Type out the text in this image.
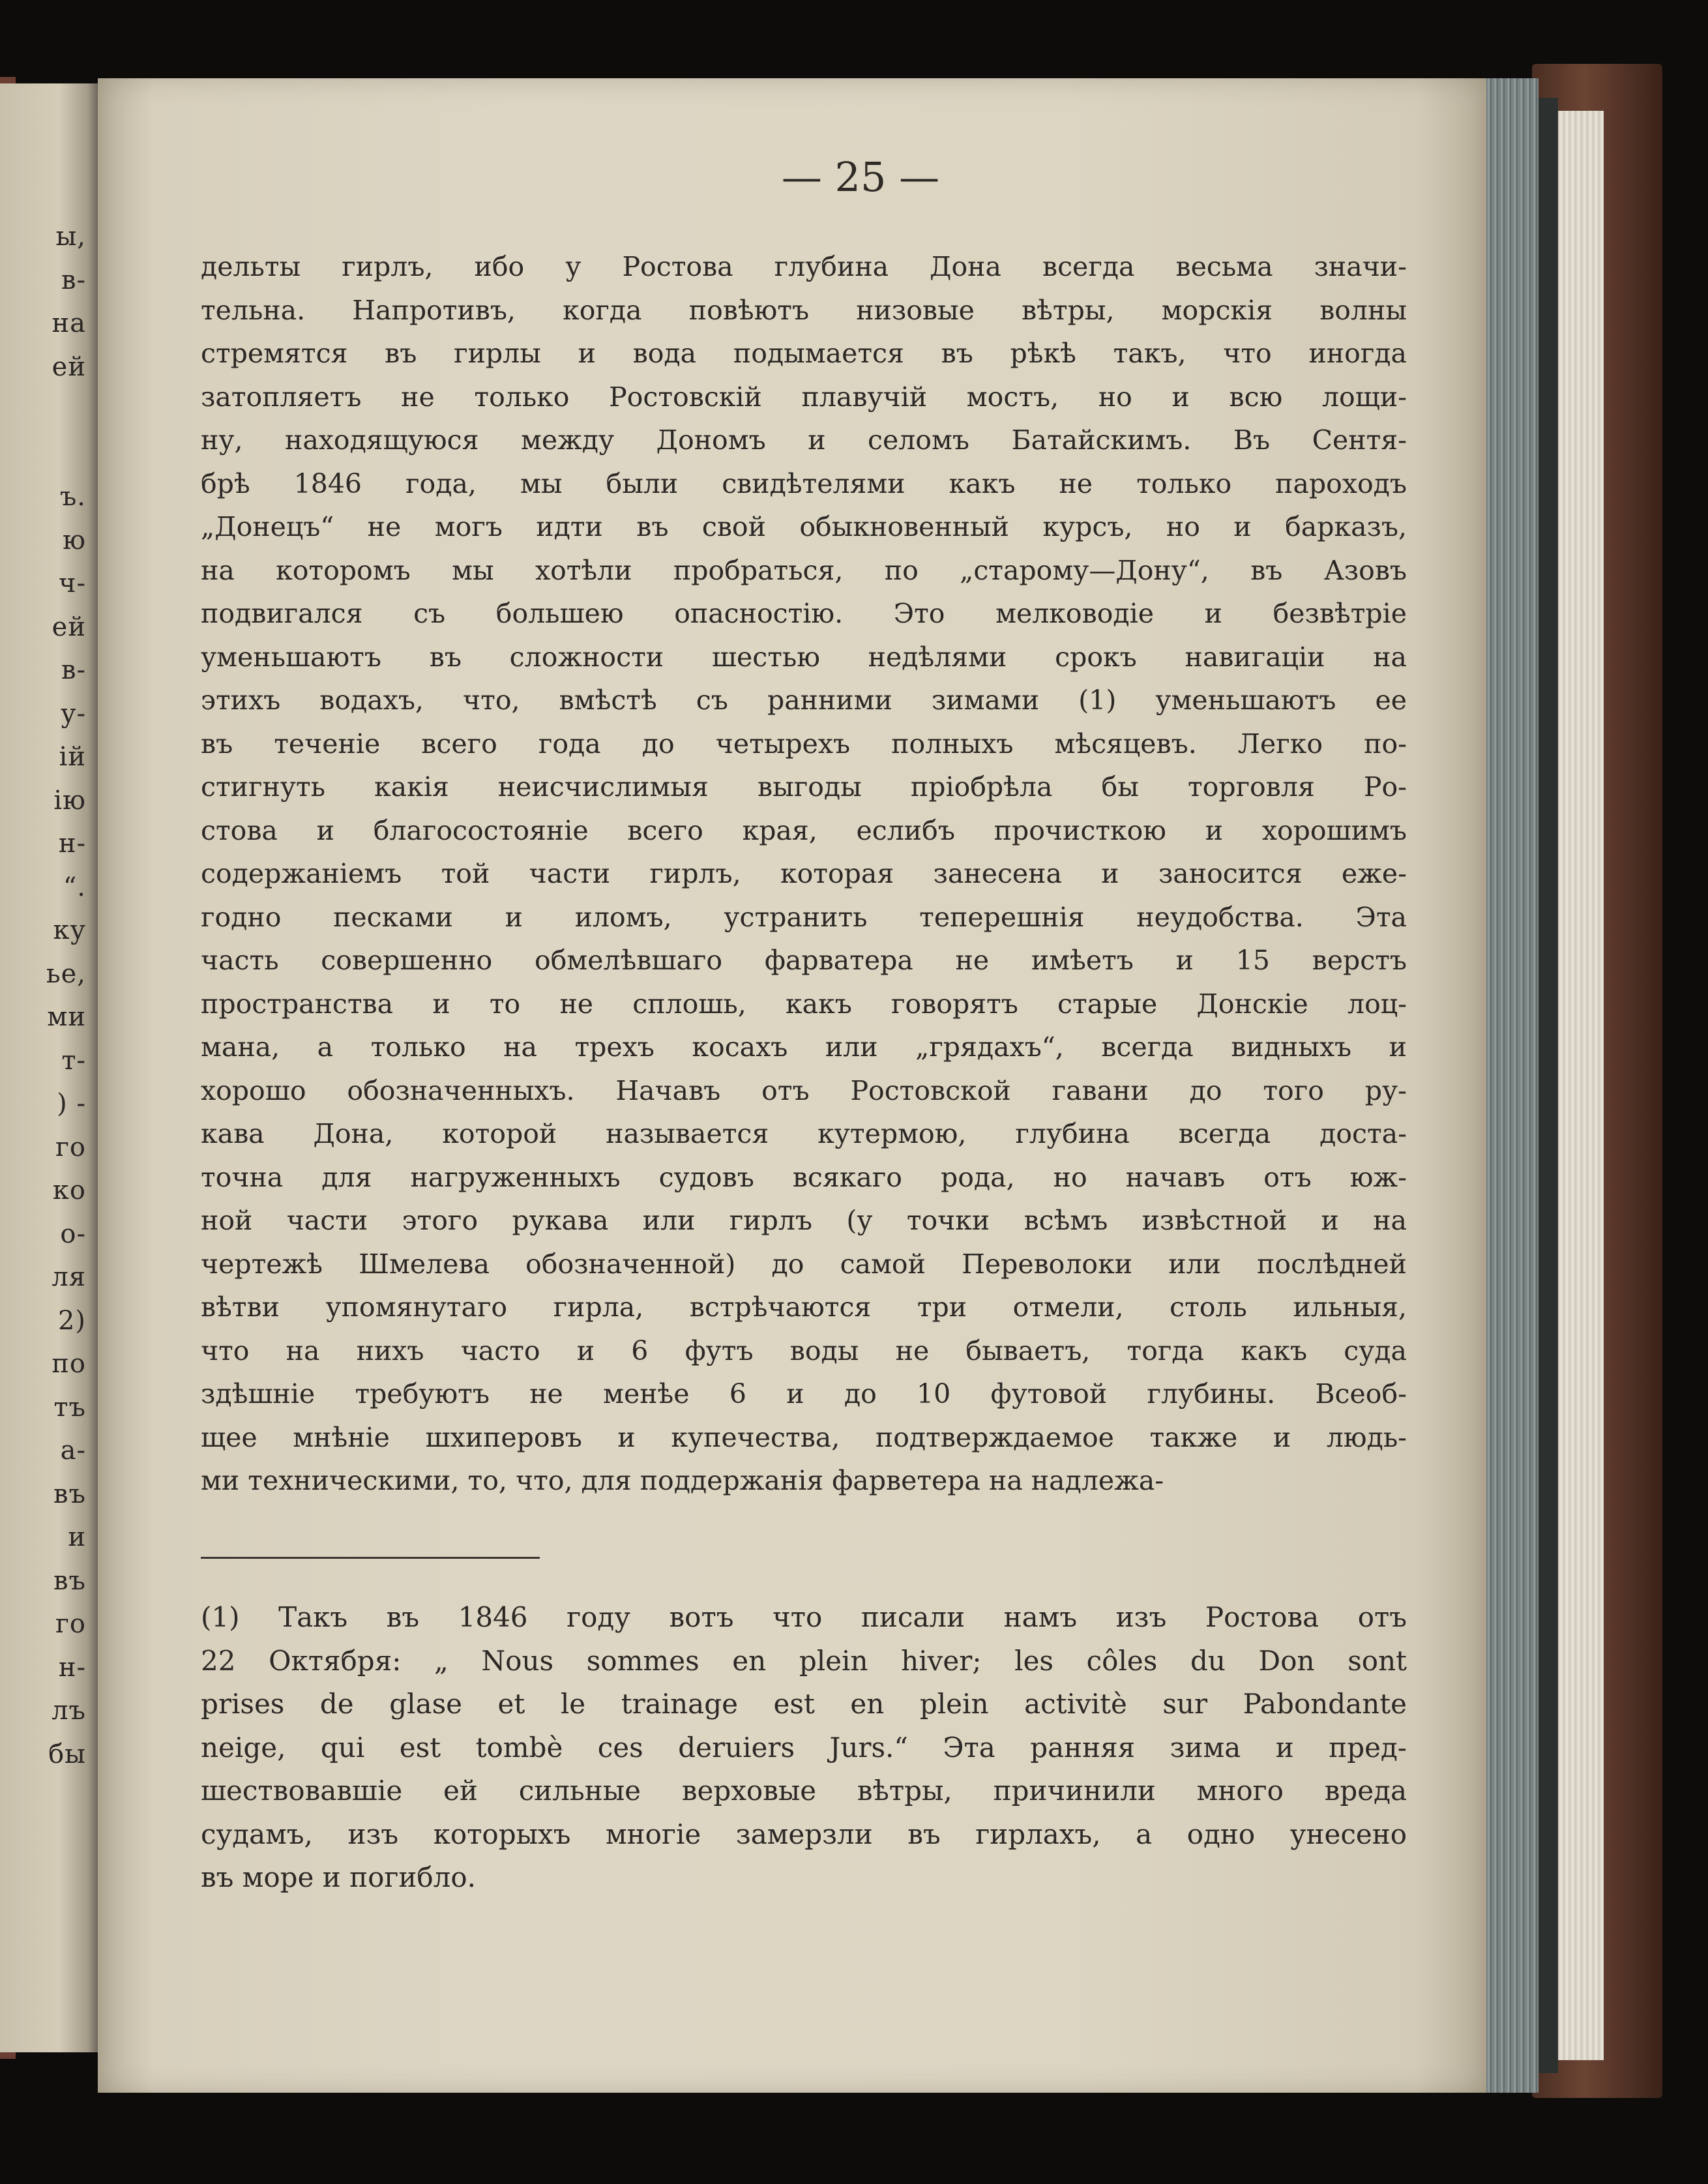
ы,
в-
на
ей
ъ.
ю
ч-
ей
в-
у-
ій
ію
н-
“.
ку
ье,
ми
т-
) -
го
ко
о-
ля
2)
по
тъ
а-
въ
и
въ
го
н-
лъ
бы
— 25 —
дельты гирлъ, ибо у Ростова глубина Дона всегда весьма значи-
тельна. Напротивъ, когда повѣютъ низовые вѣтры, морскія волны
стремятся въ гирлы и вода подымается въ рѣкѣ такъ, что иногда
затопляетъ не только Ростовскій плавучій мостъ, но и всю лощи-
ну, находящуюся между Дономъ и селомъ Батайскимъ. Въ Сентя-
брѣ 1846 года, мы были свидѣтелями какъ не только пароходъ
„Донецъ“ не могъ идти въ свой обыкновенный курсъ, но и барказъ,
на которомъ мы хотѣли пробраться, по „старому—Дону“, въ Азовъ
подвигался съ большею опасностію. Это мелководіе и безвѣтріе
уменьшаютъ въ сложности шестью недѣлями срокъ навигаціи на
этихъ водахъ, что, вмѣстѣ съ ранними зимами (1) уменьшаютъ ее
въ теченіе всего года до четырехъ полныхъ мѣсяцевъ. Легко по-
стигнуть какія неисчислимыя выгоды пріобрѣла бы торговля Ро-
стова и благосостояніе всего края, еслибъ прочисткою и хорошимъ
содержаніемъ той части гирлъ, которая занесена и заносится еже-
годно песками и иломъ, устранить теперешнія неудобства. Эта
часть совершенно обмелѣвшаго фарватера не имѣетъ и 15 верстъ
пространства и то не сплошь, какъ говорятъ старые Донскіе лоц-
мана, а только на трехъ косахъ или „грядахъ“, всегда видныхъ и
хорошо обозначенныхъ. Начавъ отъ Ростовской гавани до того ру-
кава Дона, которой называется кутермою, глубина всегда доста-
точна для нагруженныхъ судовъ всякаго рода, но начавъ отъ юж-
ной части этого рукава или гирлъ (у точки всѣмъ извѣстной и на
чертежѣ Шмелева обозначенной) до самой Переволоки или послѣдней
вѣтви упомянутаго гирла, встрѣчаются три отмели, столь ильныя,
что на нихъ часто и 6 футъ воды не бываетъ, тогда какъ суда
здѣшніе требуютъ не менѣе 6 и до 10 футовой глубины. Всеоб-
щее мнѣніе шхиперовъ и купечества, подтверждаемое также и людь-
ми техническими, то, что, для поддержанія фарветера на надлежа-
(1) Такъ въ 1846 году вотъ что писали намъ изъ Ростова отъ
22 Октября: „ Nous sommes en plein hiver; les côles du Don sont
prises de glase et le trainage est en plein activitè sur Pabondante
neige, qui est tombè ces deruiers Jurs.“ Эта ранняя зима и пред-
шествовавшіе ей сильные верховые вѣтры, причинили много вреда
судамъ, изъ которыхъ многіе замерзли въ гирлахъ, а одно унесено
въ море и погибло.
